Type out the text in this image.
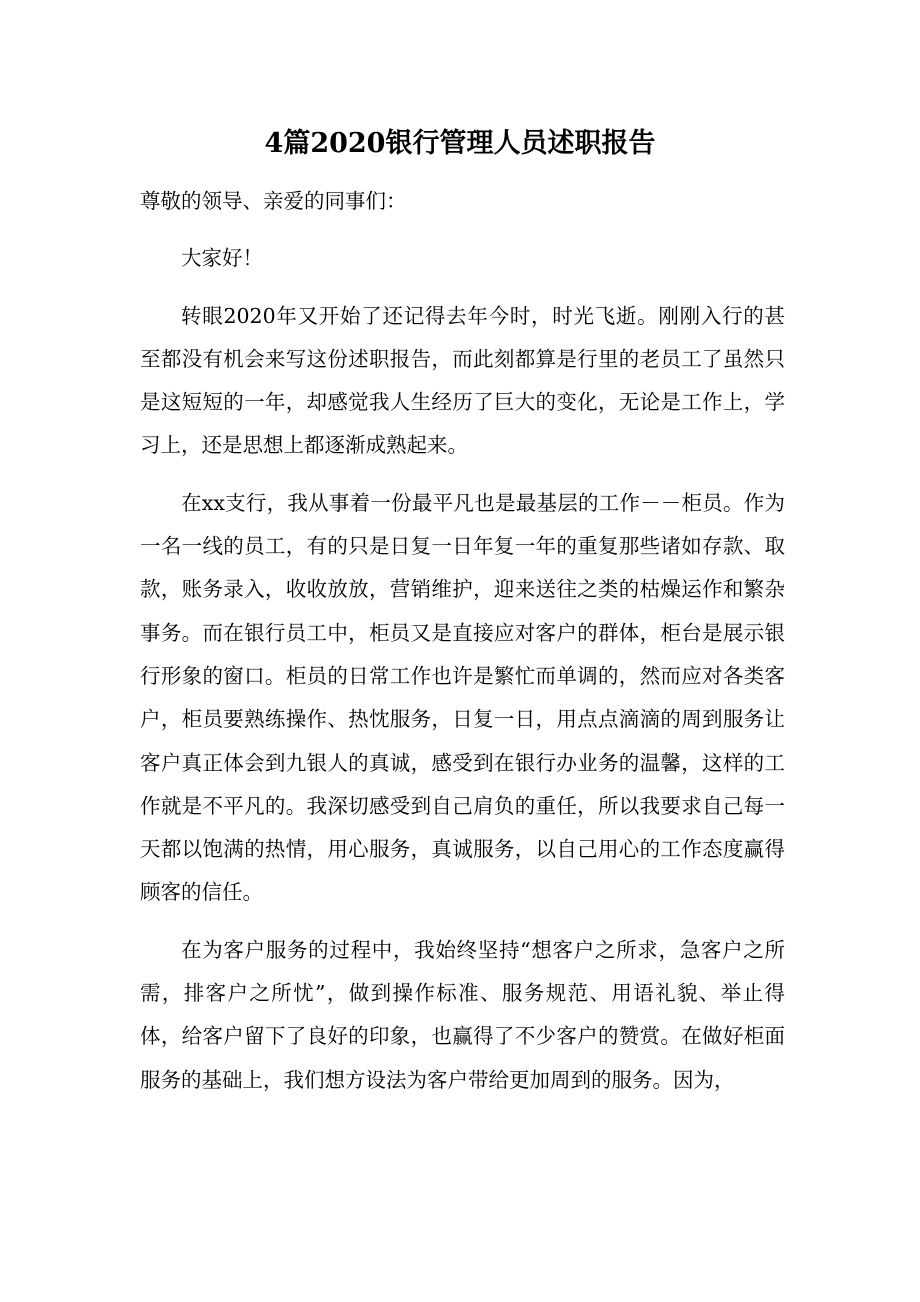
4篇2020银行管理人员述职报告

尊敬的领导、亲爱的同事们：

大家好！

转眼2020年又开始了还记得去年今时，时光飞逝。刚刚入行的甚至都没有机会来写这份述职报告，而此刻都算是行里的老员工了虽然只是这短短的一年，却感觉我人生经历了巨大的变化，无论是工作上，学习上，还是思想上都逐渐成熟起来。

在xx支行，我从事着一份最平凡也是最基层的工作－－柜员。作为一名一线的员工，有的只是日复一日年复一年的重复那些诸如存款、取款，账务录入，收收放放，营销维护，迎来送往之类的枯燥运作和繁杂事务。而在银行员工中，柜员又是直接应对客户的群体，柜台是展示银行形象的窗口。柜员的日常工作也许是繁忙而单调的，然而应对各类客户，柜员要熟练操作、热忱服务，日复一日，用点点滴滴的周到服务让客户真正体会到九银人的真诚，感受到在银行办业务的温馨，这样的工作就是不平凡的。我深切感受到自己肩负的重任，所以我要求自己每一天都以饱满的热情，用心服务，真诚服务，以自己用心的工作态度赢得顾客的信任。

在为客户服务的过程中，我始终坚持“想客户之所求，急客户之所需，排客户之所忧”，做到操作标准、服务规范、用语礼貌、举止得体，给客户留下了良好的印象，也赢得了不少客户的赞赏。在做好柜面服务的基础上，我们想方设法为客户带给更加周到的服务。因为，
